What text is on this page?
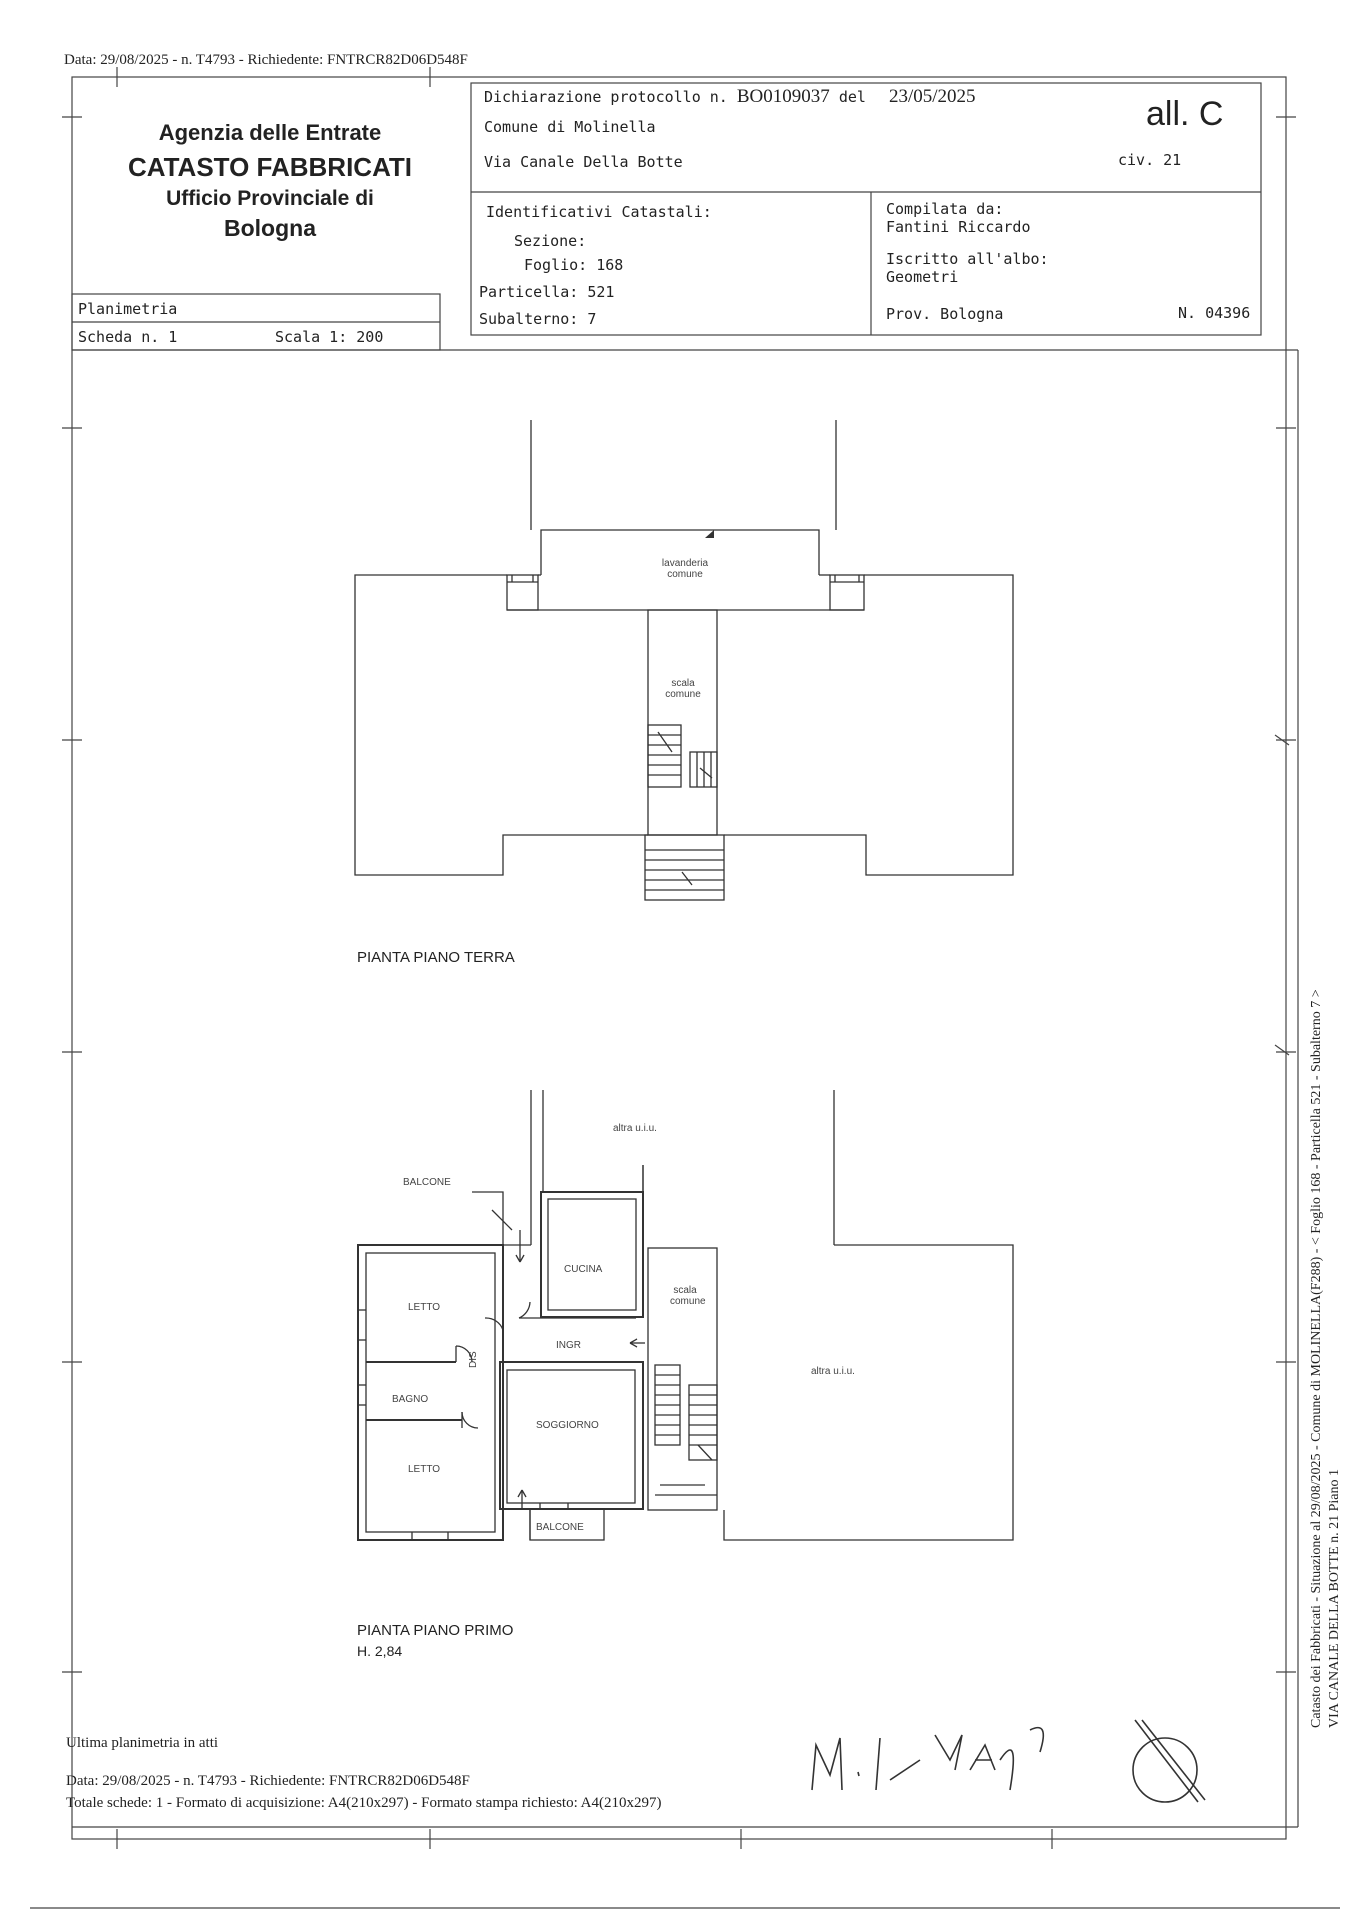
Data: 29/08/2025 - n. T4793 - Richiedente: FNTRCR82D06D548F
Agenzia delle Entrate
CATASTO FABBRICATI
Ufficio Provinciale di
Bologna
Dichiarazione protocollo n. BO0109037 del 23/05/2025
Comune di Molinella
Via Canale Della Botte	civ. 21
all. C
Identificativi Catastali:
Sezione:
Foglio: 168
Particella: 521
Subalterno: 7
Compilata da:
Fantini Riccardo
Iscritto all'albo:
Geometri
Prov. Bologna	N. 04396
Planimetria
Scheda n. 1	Scala 1: 200
lavanderia
comune
scala
comune
PIANTA PIANO TERRA
altra u.i.u.
altra u.i.u.
BALCONE
CUCINA
scala
comune
LETTO
INGR
DIS
BAGNO
SOGGIORNO
LETTO
BALCONE
PIANTA PIANO PRIMO
H. 2,84	Catasto dei Fabbricati - Situazione al 29/08/2025 - Comune di MOLINELLA(F288) - < Foglio 168 - Particella 521 - Subalterno 7 > VIA CANALE DELLA BOTTE n. 21 Piano 1
Ultima planimetria in atti
Data: 29/08/2025 - n. T4793 - Richiedente: FNTRCR82D06D548F
Totale schede: 1 - Formato di acquisizione: A4(210x297) - Formato stampa richiesto: A4(210x297)
